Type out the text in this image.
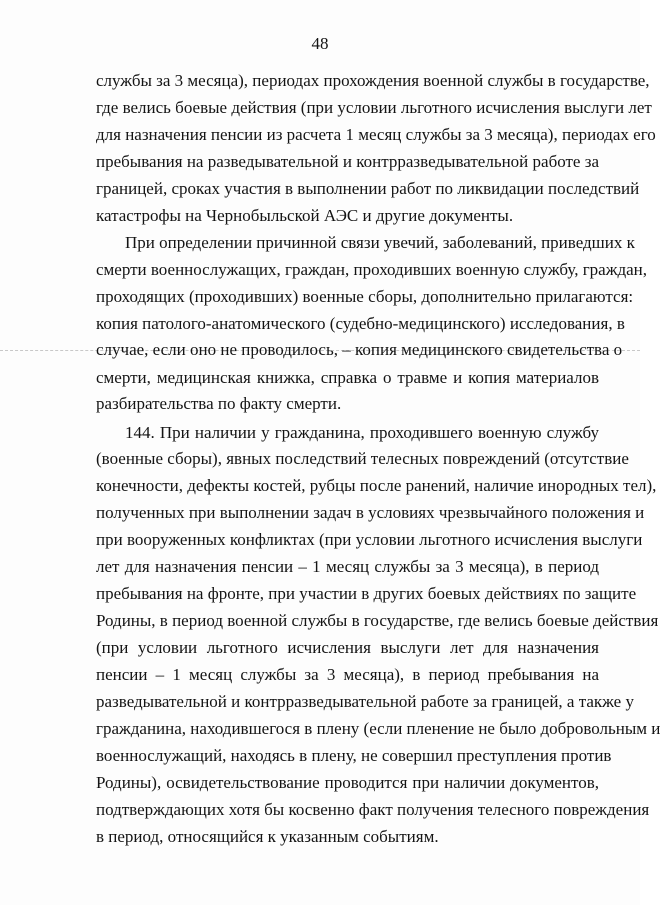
48
службы за 3 месяца), периодах прохождения военной службы в государстве,
где велись боевые действия (при условии льготного исчисления выслуги лет
для назначения пенсии из расчета 1 месяц службы за 3 месяца), периодах его
пребывания на разведывательной и контрразведывательной работе за
границей, сроках участия в выполнении работ по ликвидации последствий
катастрофы на Чернобыльской АЭС и другие документы.
При определении причинной связи увечий, заболеваний, приведших к
смерти военнослужащих, граждан, проходивших военную службу, граждан,
проходящих (проходивших) военные сборы, дополнительно прилагаются:
копия патолого-анатомического (судебно-медицинского) исследования, в
случае, если оно не проводилось, – копия медицинского свидетельства о
смерти, медицинская книжка, справка о травме и копия материалов
разбирательства по факту смерти.
144. При наличии у гражданина, проходившего военную службу
(военные сборы), явных последствий телесных повреждений (отсутствие
конечности, дефекты костей, рубцы после ранений, наличие инородных тел),
полученных при выполнении задач в условиях чрезвычайного положения и
при вооруженных конфликтах (при условии льготного исчисления выслуги
лет для назначения пенсии – 1 месяц службы за 3 месяца), в период
пребывания на фронте, при участии в других боевых действиях по защите
Родины, в период военной службы в государстве, где велись боевые действия
(при условии льготного исчисления выслуги лет для назначения
пенсии – 1 месяц службы за 3 месяца), в период пребывания на
разведывательной и контрразведывательной работе за границей, а также у
гражданина, находившегося в плену (если пленение не было добровольным и
военнослужащий, находясь в плену, не совершил преступления против
Родины), освидетельствование проводится при наличии документов,
подтверждающих хотя бы косвенно факт получения телесного повреждения
в период, относящийся к указанным событиям.
